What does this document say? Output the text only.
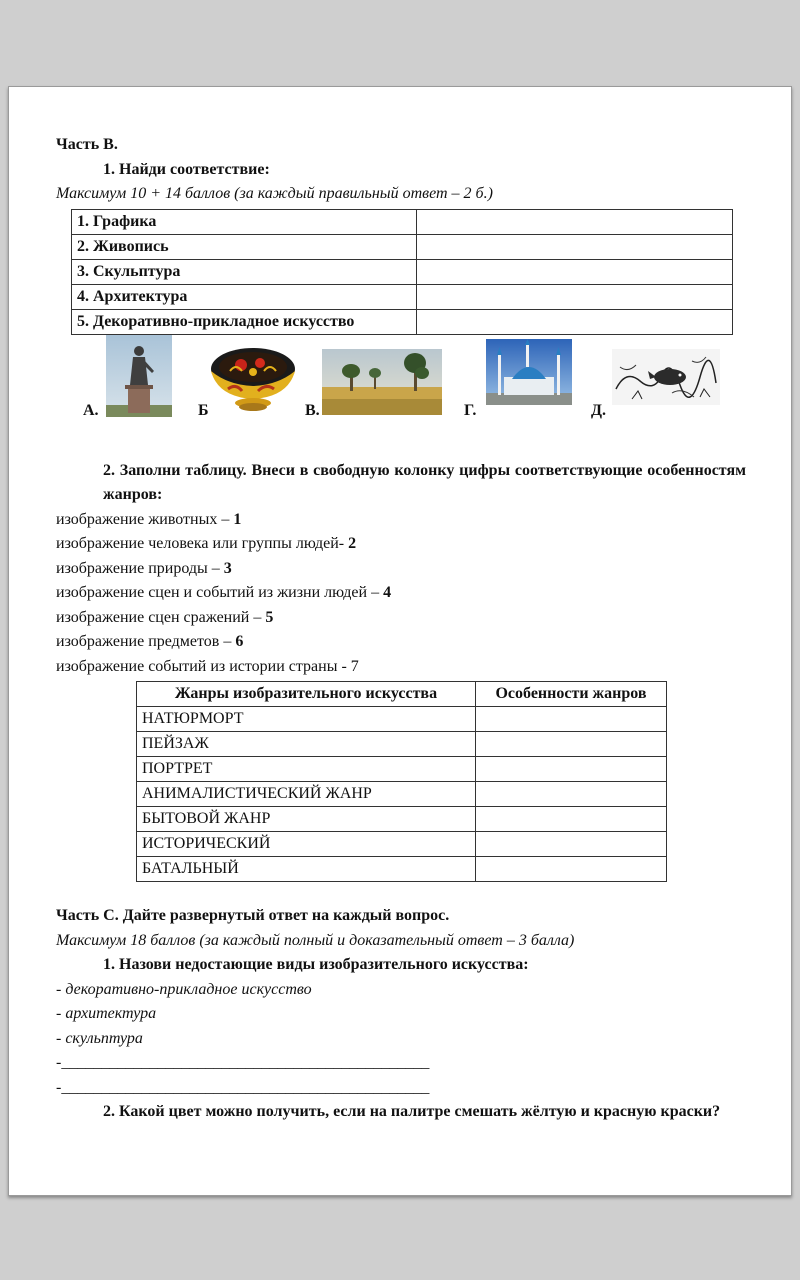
Часть В.

1. Найди соответствие:

Максимум 10 + 14 баллов (за каждый правильный ответ – 2 б.)

1. Графика	
2. Живопись	
3. Скульптура	
4. Архитектура	
5. Декоративно-прикладное искусство	
А.	Б	В.	Г.	Д.

2. Заполни таблицу. Внеси в свободную колонку цифры соответствующие особенностям жанров:

изображение животных – 1

изображение человека или группы людей- 2

изображение природы – 3

изображение сцен и событий из жизни людей – 4

изображение сцен сражений – 5

изображение предметов – 6

изображение событий из истории страны - 7

Жанры изобразительного искусства	Особенности жанров
НАТЮРМОРТ	
ПЕЙЗАЖ	
ПОРТРЕТ	
АНИМАЛИСТИЧЕСКИЙ ЖАНР	
БЫТОВОЙ ЖАНР	
ИСТОРИЧЕСКИЙ	
БАТАЛЬНЫЙ	

Часть С. Дайте развернутый ответ на каждый вопрос.

Максимум 18 баллов (за каждый полный и доказательный ответ – 3 балла)

1. Назови недостающие виды изобразительного искусства:

- декоративно-прикладное искусство

- архитектура

- скульптура

-______________________________________________

-______________________________________________

2. Какой цвет можно получить, если на палитре смешать жёлтую и красную краски?
